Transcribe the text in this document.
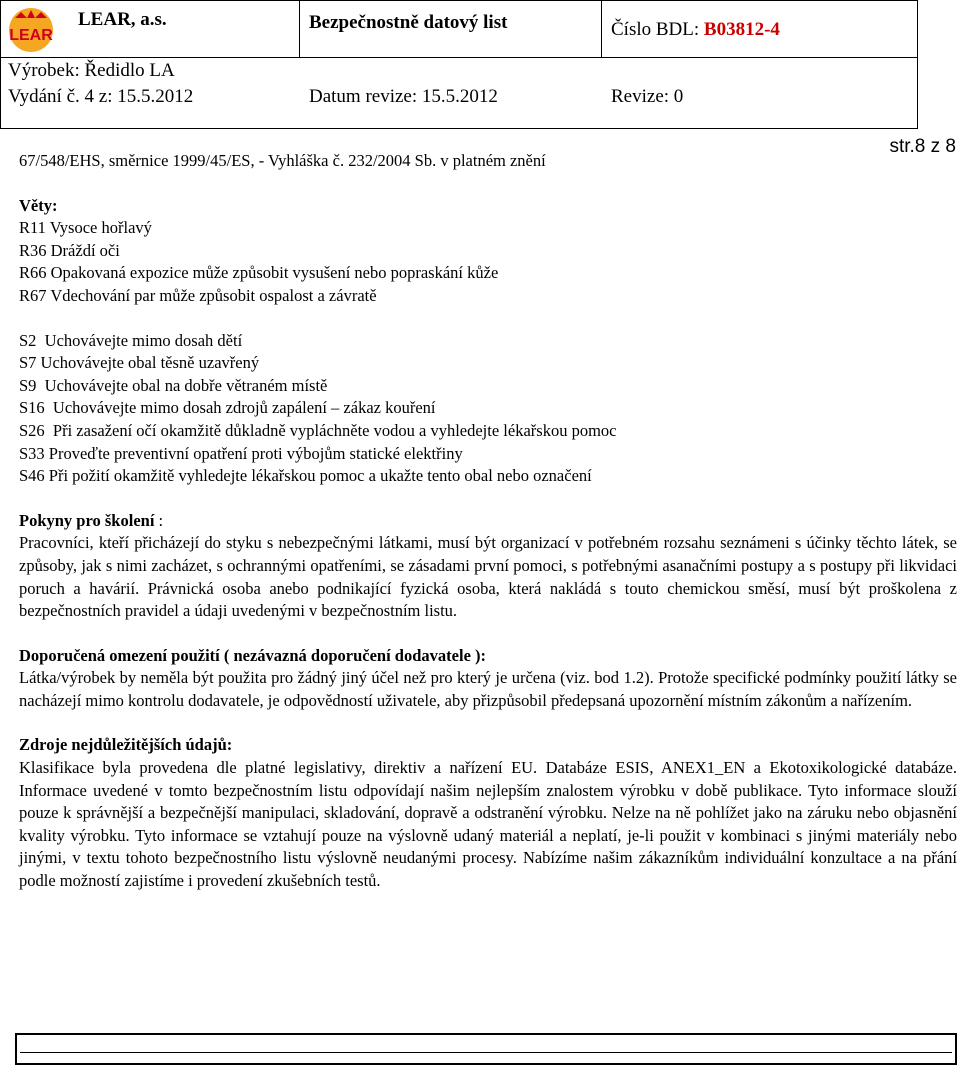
LEAR
LEAR, a.s.	Bezpečnostně datový list	Číslo BDL: B03812-4
Výrobek: Ředidlo LA
Vydání č. 4 z: 15.5.2012	Datum revize: 15.5.2012	Revize: 0
str.8 z 8
67/548/EHS, směrnice 1999/45/ES, - Vyhláška č. 232/2004 Sb. v platném znění
Věty:
R11 Vysoce hořlavý
R36 Dráždí oči
R66 Opakovaná expozice může způsobit vysušení nebo popraskání kůže
R67 Vdechování par může způsobit ospalost a závratě
S2  Uchovávejte mimo dosah dětí
S7 Uchovávejte obal těsně uzavřený
S9  Uchovávejte obal na dobře větraném místě
S16  Uchovávejte mimo dosah zdrojů zapálení – zákaz kouření
S26  Při zasažení očí okamžitě důkladně vypláchněte vodou a vyhledejte lékařskou pomoc
S33 Proveďte preventivní opatření proti výbojům statické elektřiny
S46 Při požití okamžitě vyhledejte lékařskou pomoc a ukažte tento obal nebo označení
Pokyny pro školení :

Pracovníci, kteří přicházejí do styku s nebezpečnými látkami, musí být organizací v potřebném rozsahu seznámeni s účinky těchto látek, se způsoby, jak s nimi zacházet, s ochrannými opatřeními, se zásadami první pomoci, s potřebnými asanačními postupy a s postupy při likvidaci poruch a havárií. Právnická osoba anebo podnikající fyzická osoba, která nakládá s touto chemickou směsí, musí být proškolena z bezpečnostních pravidel a údaji uvedenými v bezpečnostním listu.

Doporučená omezení použití ( nezávazná doporučení dodavatele ):

Látka/výrobek by neměla být použita pro žádný jiný účel než pro který je určena (viz. bod 1.2). Protože specifické podmínky použití látky se nacházejí mimo kontrolu dodavatele, je odpovědností uživatele, aby přizpůsobil předepsaná upozornění místním zákonům a nařízením.

Zdroje nejdůležitějších údajů:

Klasifikace byla provedena dle platné legislativy, direktiv a nařízení EU. Databáze ESIS, ANEX1_EN a Ekotoxikologické databáze. Informace uvedené v tomto bezpečnostním listu odpovídají našim nejlepším znalostem výrobku v době publikace. Tyto informace slouží pouze k správnější a bezpečnější manipulaci, skladování, dopravě a odstranění výrobku. Nelze na ně pohlížet jako na záruku nebo objasnění kvality výrobku. Tyto informace se vztahují pouze na výslovně udaný materiál a neplatí, je-li použit v kombinaci s jinými materiály nebo jinými, v textu tohoto bezpečnostního listu výslovně neudanými procesy. Nabízíme našim zákazníkům individuální konzultace a na přání podle možností zajistíme i provedení zkušebních testů.
